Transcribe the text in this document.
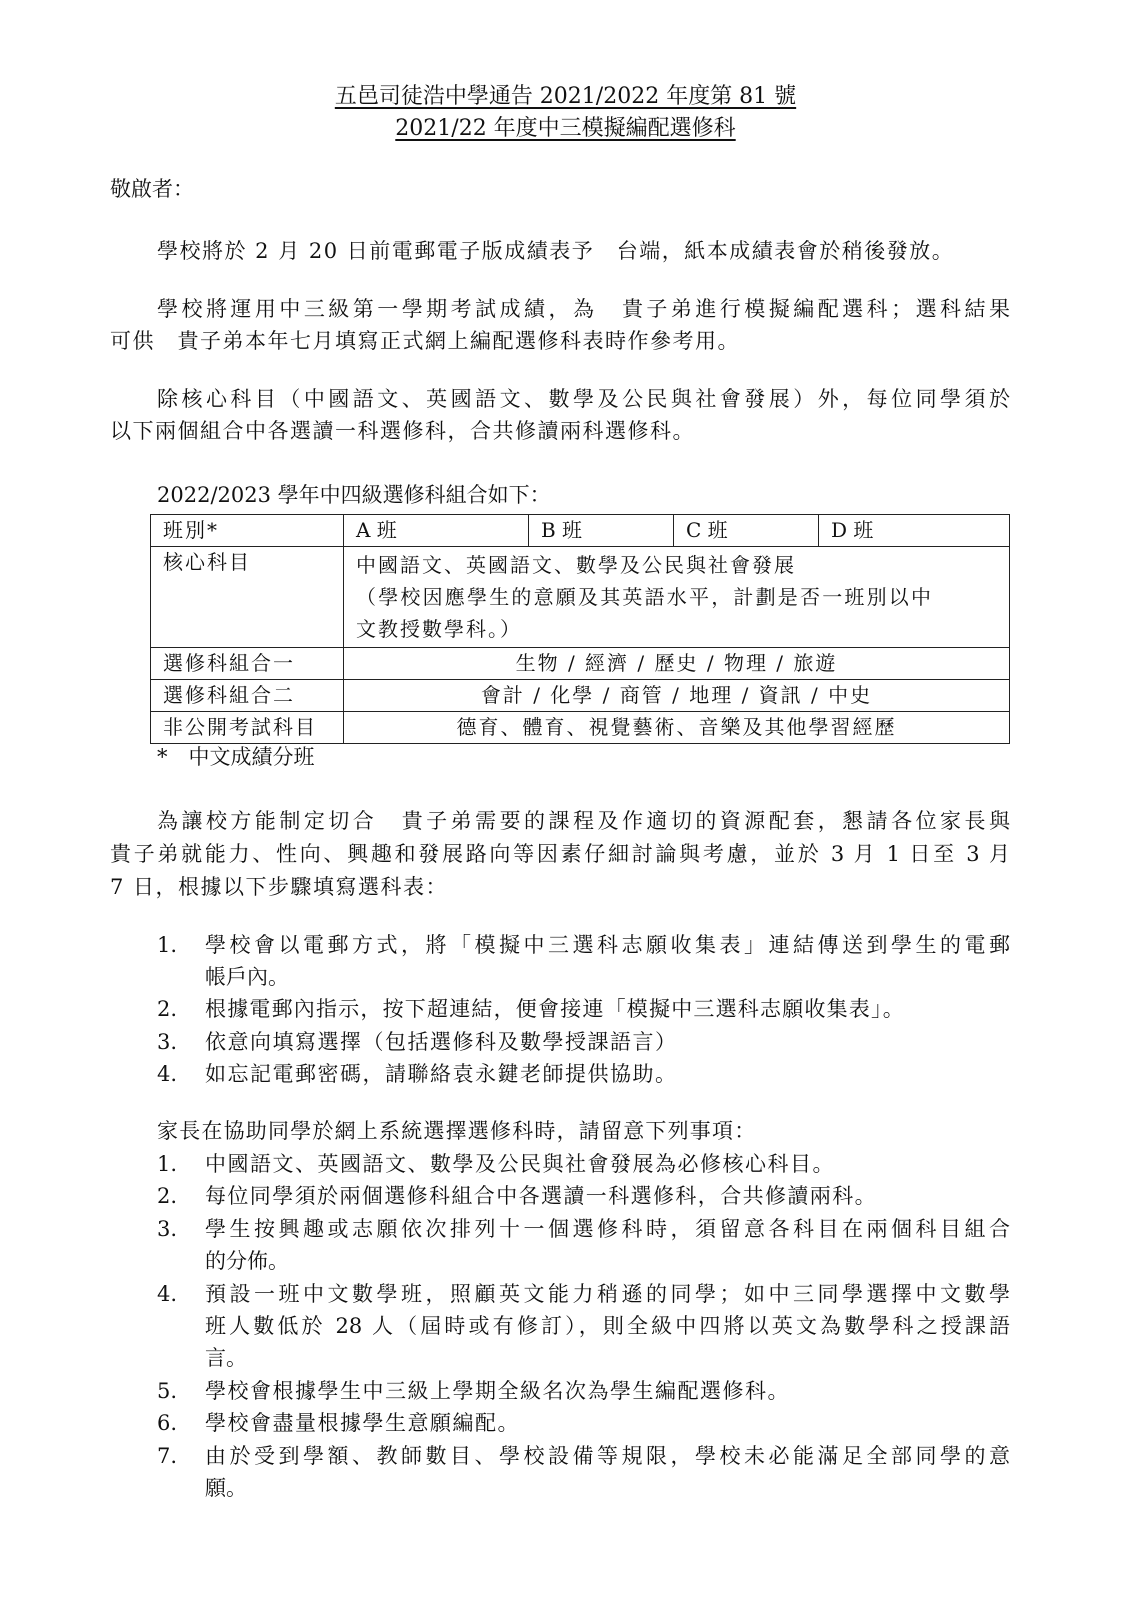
五邑司徒浩中學通告 2021/2022 年度第 81 號
2021/22 年度中三模擬編配選修科
敬啟者：
學校將於 2 月 20 日前電郵電子版成績表予　台端，紙本成績表會於稍後發放。
學校將運用中三級第一學期考試成績，為　貴子弟進行模擬編配選科；選科結果
可供　貴子弟本年七月填寫正式網上編配選修科表時作參考用。
除核心科目（中國語文、英國語文、數學及公民與社會發展）外，每位同學須於
以下兩個組合中各選讀一科選修科，合共修讀兩科選修科。
2022/2023 學年中四級選修科組合如下：
班別*	A 班	B 班	C 班	D 班
核心科目	中國語文、英國語文、數學及公民與社會發展
（學校因應學生的意願及其英語水平，計劃是否一班別以中
文教授數學科。）			

選修科組合一	生物 / 經濟 / 歷史 / 物理 / 旅遊			
選修科組合二	會計 / 化學 / 商管 / 地理 / 資訊 / 中史			
非公開考試科目	德育、體育、視覺藝術、音樂及其他學習經歷			
*　中文成績分班
為讓校方能制定切合　貴子弟需要的課程及作適切的資源配套，懇請各位家長與
貴子弟就能力、性向、興趣和發展路向等因素仔細討論與考慮，並於 3 月 1 日至 3 月
7 日，根據以下步驟填寫選科表：
1. 學校會以電郵方式，將「模擬中三選科志願收集表」連結傳送到學生的電郵
帳戶內。
2. 根據電郵內指示，按下超連結，便會接連「模擬中三選科志願收集表」。
3. 依意向填寫選擇（包括選修科及數學授課語言）
4. 如忘記電郵密碼，請聯絡袁永鍵老師提供協助。
家長在協助同學於網上系統選擇選修科時，請留意下列事項：
1. 中國語文、英國語文、數學及公民與社會發展為必修核心科目。
2. 每位同學須於兩個選修科組合中各選讀一科選修科，合共修讀兩科。
3. 學生按興趣或志願依次排列十一個選修科時，須留意各科目在兩個科目組合
的分佈。
4. 預設一班中文數學班，照顧英文能力稍遜的同學；如中三同學選擇中文數學
班人數低於 28 人（屆時或有修訂），則全級中四將以英文為數學科之授課語
言。
5. 學校會根據學生中三級上學期全級名次為學生編配選修科。
6. 學校會盡量根據學生意願編配。
7. 由於受到學額、教師數目、學校設備等規限，學校未必能滿足全部同學的意
願。
